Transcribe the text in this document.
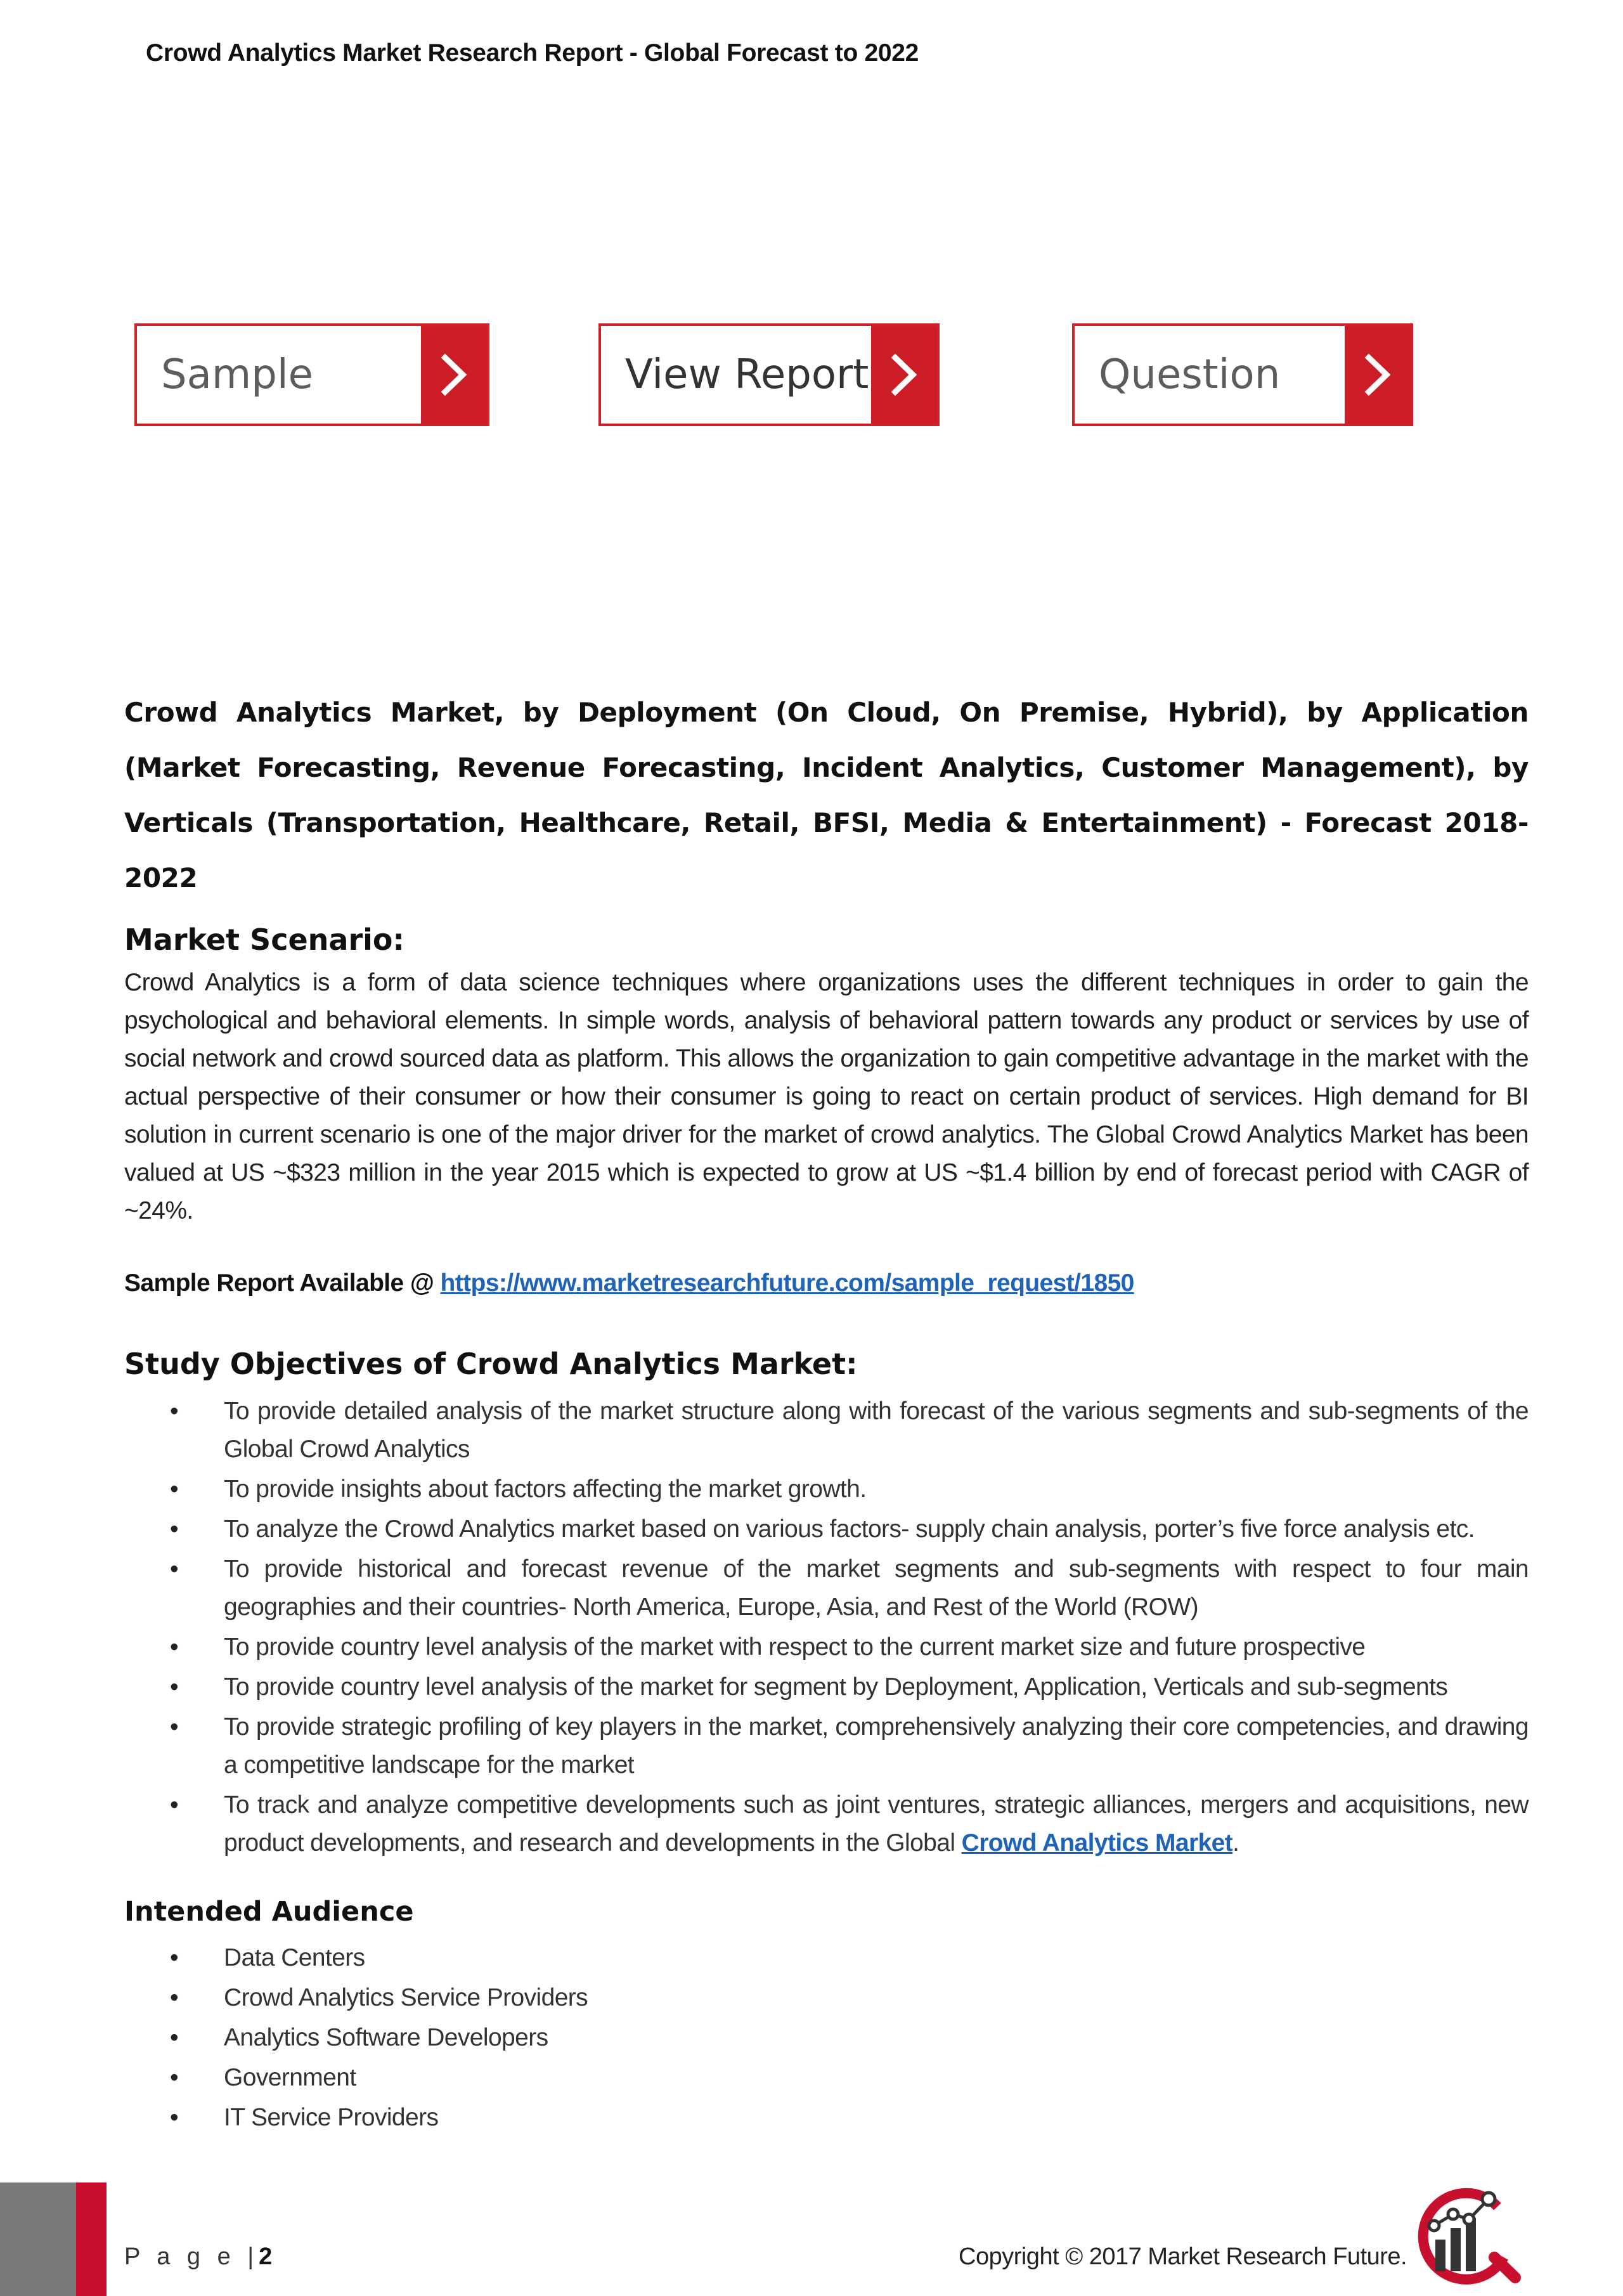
Crowd Analytics Market Research Report - Global Forecast to 2022
Sample	View Report	Question
Crowd Analytics Market, by Deployment (On Cloud, On Premise, Hybrid), by Application (Market Forecasting, Revenue Forecasting, Incident Analytics, Customer Management), by Verticals (Transportation, Healthcare, Retail, BFSI, Media & Entertainment) - Forecast 2018-2022
Market Scenario:
Crowd Analytics is a form of data science techniques where organizations uses the different techniques in order to gain the psychological and behavioral elements. In simple words, analysis of behavioral pattern towards any product or services by use of social network and crowd sourced data as platform. This allows the organization to gain competitive advantage in the market with the actual perspective of their consumer or how their consumer is going to react on certain product of services. High demand for BI solution in current scenario is one of the major driver for the market of crowd analytics. The Global Crowd Analytics Market has been valued at US ~$323 million in the year 2015 which is expected to grow at US ~$1.4 billion by end of forecast period with CAGR of ~24%.
Sample Report Available @ https://www.marketresearchfuture.com/sample_request/1850
Study Objectives of Crowd Analytics Market:
• To provide detailed analysis of the market structure along with forecast of the various segments and sub-segments of the Global Crowd Analytics
• To provide insights about factors affecting the market growth.
• To analyze the Crowd Analytics market based on various factors- supply chain analysis, porter’s five force analysis etc.
• To provide historical and forecast revenue of the market segments and sub-segments with respect to four main geographies and their countries- North America, Europe, Asia, and Rest of the World (ROW)
• To provide country level analysis of the market with respect to the current market size and future prospective
• To provide country level analysis of the market for segment by Deployment, Application, Verticals and sub-segments
• To provide strategic profiling of key players in the market, comprehensively analyzing their core competencies, and drawing a competitive landscape for the market
• To track and analyze competitive developments such as joint ventures, strategic alliances, mergers and acquisitions, new product developments, and research and developments in the Global Crowd Analytics Market.
Intended Audience
• Data Centers
• Crowd Analytics Service Providers
• Analytics Software Developers
• Government
• IT Service Providers
P a g e |2	Copyright © 2017 Market Research Future.
